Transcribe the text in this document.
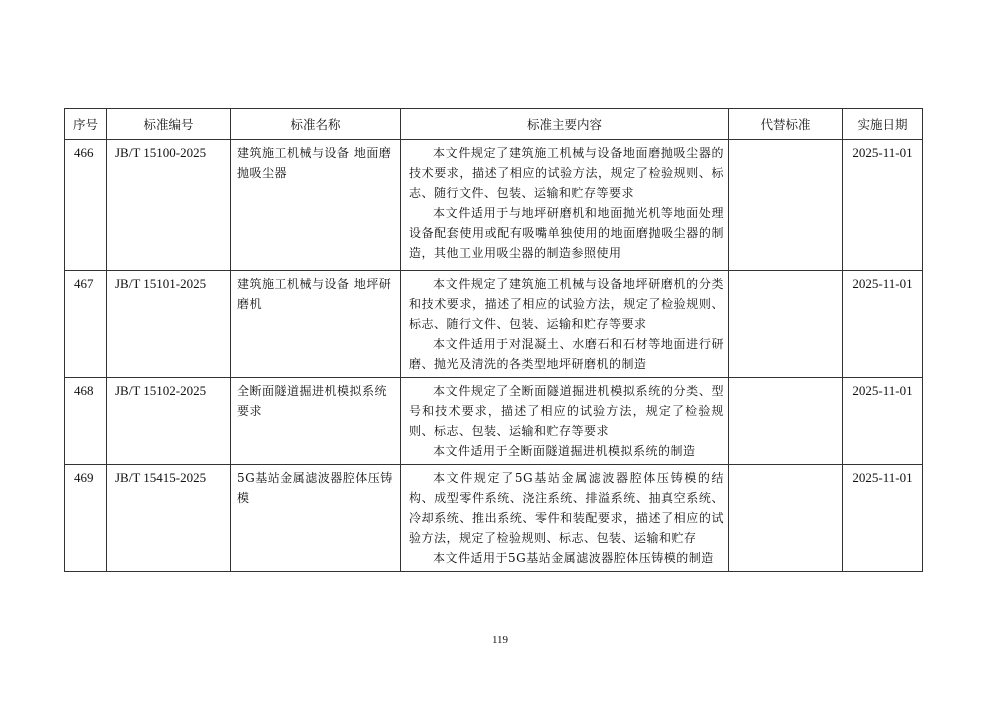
序号	标准编号	标准名称	标准主要内容	代替标准	实施日期
466	JB/T 15100-2025	建筑施工机械与设备 地面磨抛吸尘器	本文件规定了建筑施工机械与设备地面磨抛吸尘器的技术要求，描述了相应的试验方法，规定了检验规则、标志、随行文件、包装、运输和贮存等要求

本文件适用于与地坪研磨机和地面抛光机等地面处理设备配套使用或配有吸嘴单独使用的地面磨抛吸尘器的制造，其他工业用吸尘器的制造参照使用		2025-11-01
467	JB/T 15101-2025	建筑施工机械与设备 地坪研磨机	本文件规定了建筑施工机械与设备地坪研磨机的分类和技术要求，描述了相应的试验方法，规定了检验规则、标志、随行文件、包装、运输和贮存等要求

本文件适用于对混凝土、水磨石和石材等地面进行研磨、抛光及清洗的各类型地坪研磨机的制造		2025-11-01
468	JB/T 15102-2025	全断面隧道掘进机模拟系统要求	本文件规定了全断面隧道掘进机模拟系统的分类、型号和技术要求，描述了相应的试验方法，规定了检验规则、标志、包装、运输和贮存等要求

本文件适用于全断面隧道掘进机模拟系统的制造		2025-11-01
469	JB/T 15415-2025	5G基站金属滤波器腔体压铸模	本文件规定了5G基站金属滤波器腔体压铸模的结构、成型零件系统、浇注系统、排溢系统、抽真空系统、冷却系统、推出系统、零件和装配要求，描述了相应的试验方法，规定了检验规则、标志、包装、运输和贮存

本文件适用于5G基站金属滤波器腔体压铸模的制造		2025-11-01
119
